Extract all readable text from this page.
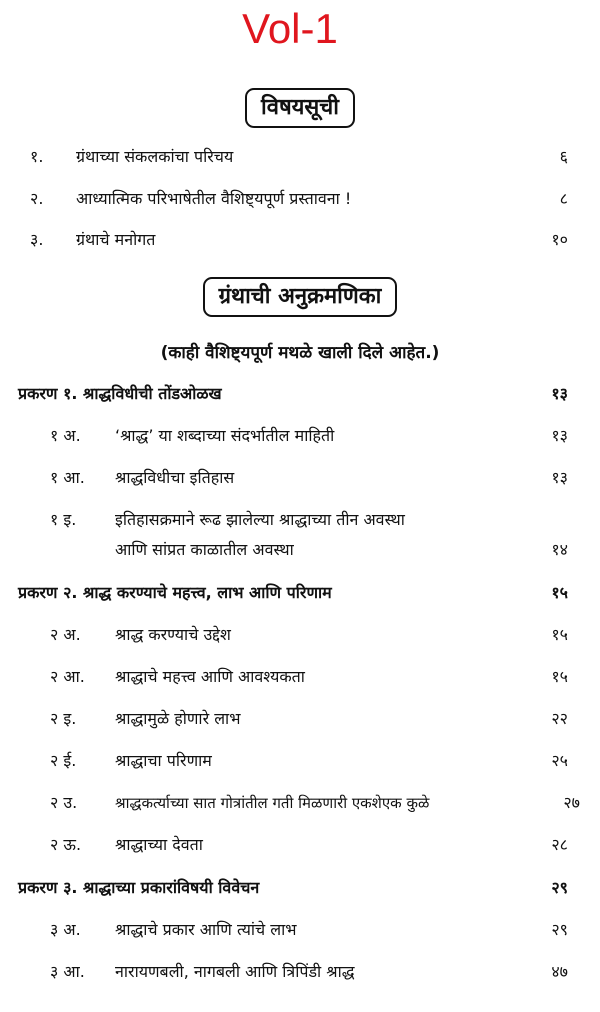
Vol-1
विषयसूची
१. ग्रंथाच्या संकलकांचा परिचय	६
२. आध्यात्मिक परिभाषेतील वैशिष्ट्यपूर्ण प्रस्तावना !	८
३. ग्रंथाचे मनोगत	१०
ग्रंथाची अनुक्रमणिका
(काही वैशिष्ट्यपूर्ण मथळे खाली दिले आहेत.)
प्रकरण १. श्राद्धविधीची तोंडओळख	१३
१ अ. ‘श्राद्ध’ या शब्दाच्या संदर्भातील माहिती	१३
१ आ. श्राद्धविधीचा इतिहास	१३
१ इ. इतिहासक्रमाने रूढ झालेल्या श्राद्धाच्या तीन अवस्था
आणि सांप्रत काळातील अवस्था	१४
प्रकरण २. श्राद्ध करण्याचे महत्त्व, लाभ आणि परिणाम	१५
२ अ. श्राद्ध करण्याचे उद्देश	१५
२ आ. श्राद्धाचे महत्त्व आणि आवश्यकता	१५
२ इ. श्राद्धामुळे होणारे लाभ	२२
२ ई. श्राद्धाचा परिणाम	२५
२ उ.	श्राद्धकर्त्याच्या सात गोत्रांतील गती मिळणारी एकशेएक कुळे	२७
२ ऊ. श्राद्धाच्या देवता	२८
प्रकरण ३. श्राद्धाच्या प्रकारांविषयी विवेचन	२९
३ अ. श्राद्धाचे प्रकार आणि त्यांचे लाभ	२९
३ आ. नारायणबली, नागबली आणि त्रिपिंडी श्राद्ध	४७
